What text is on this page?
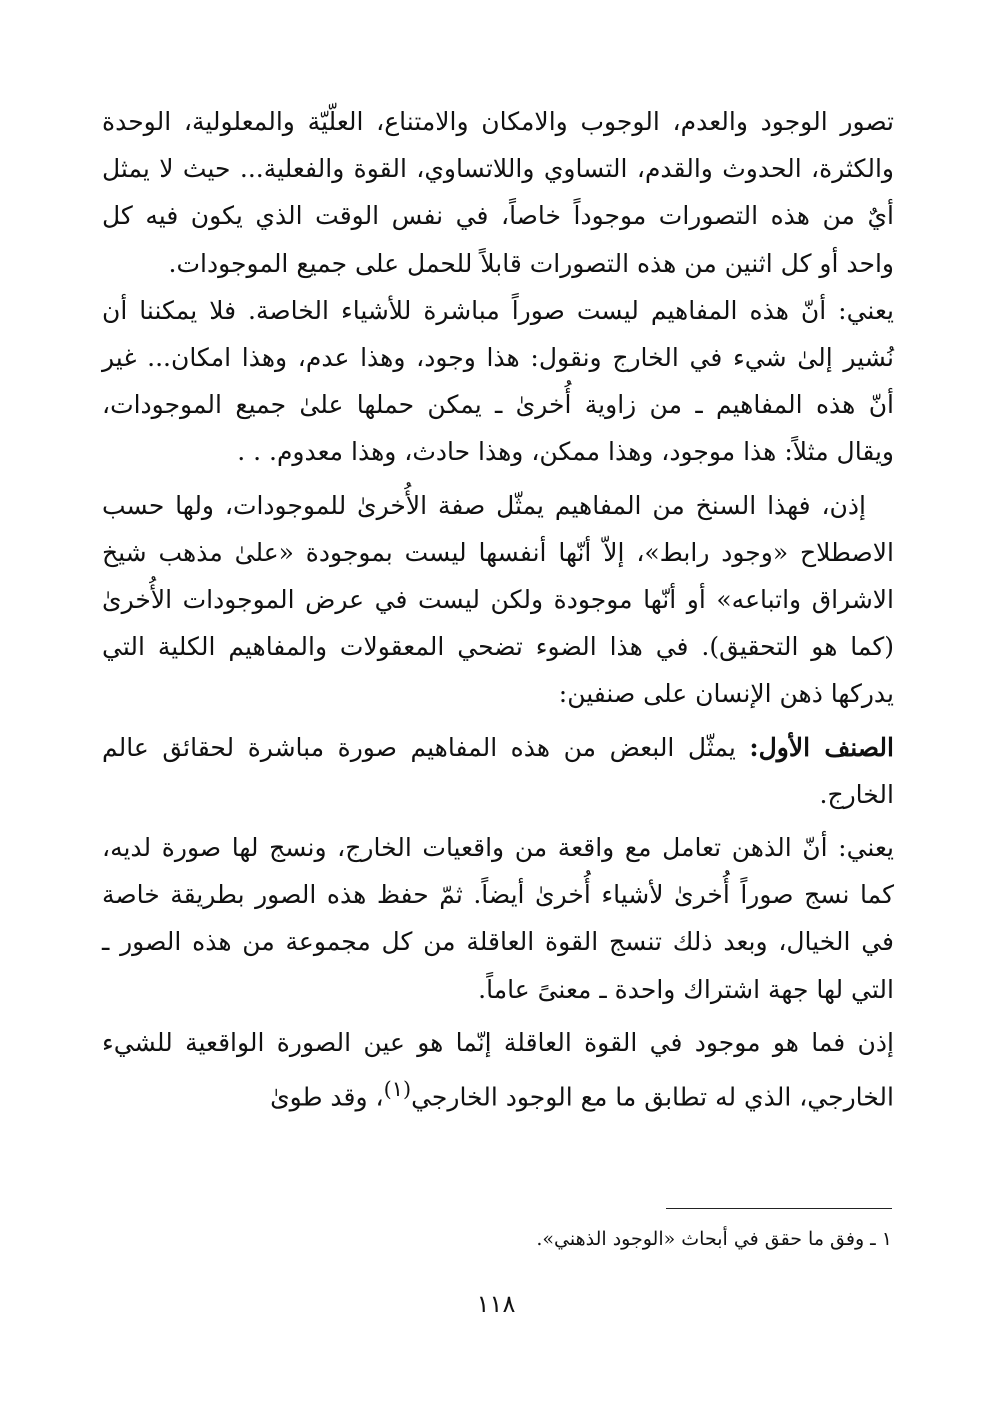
تصور الوجود والعدم، الوجوب والامكان والامتناع، العلّيّة والمعلولية، الوحدة والكثرة، الحدوث والقدم، التساوي واللاتساوي، القوة والفعلية... حيث لا يمثل أيٌ من هذه التصورات موجوداً خاصاً، في نفس الوقت الذي يكون فيه كل واحد أو كل اثنين من هذه التصورات قابلاً للحمل على جميع الموجودات.

يعني: أنّ هذه المفاهيم ليست صوراً مباشرة للأشياء الخاصة. فلا يمكننا أن نُشير إلىٰ شيء في الخارج ونقول: هذا وجود، وهذا عدم، وهذا امكان... غير أنّ هذه المفاهيم ـ من زاوية أُخرىٰ ـ يمكن حملها علىٰ جميع الموجودات، ويقال مثلاً: هذا موجود، وهذا ممكن، وهذا حادث، وهذا معدوم. . .

إذن، فهذا السنخ من المفاهيم يمثّل صفة الأُخرىٰ للموجودات، ولها حسب الاصطلاح «وجود رابط»، إلاّ أنّها أنفسها ليست بموجودة «علىٰ مذهب شيخ الاشراق واتباعه» أو أنّها موجودة ولكن ليست في عرض الموجودات الأُخرىٰ (كما هو التحقيق). في هذا الضوء تضحي المعقولات والمفاهيم الكلية التي يدركها ذهن الإنسان على صنفين:

الصنف الأول: يمثّل البعض من هذه المفاهيم صورة مباشرة لحقائق عالم الخارج.

يعني: أنّ الذهن تعامل مع واقعة من واقعيات الخارج، ونسج لها صورة لديه، كما نسج صوراً أُخرىٰ لأشياء أُخرىٰ أيضاً. ثمّ حفظ هذه الصور بطريقة خاصة في الخيال، وبعد ذلك تنسج القوة العاقلة من كل مجموعة من هذه الصور ـ التي لها جهة اشتراك واحدة ـ معنىً عاماً.

إذن فما هو موجود في القوة العاقلة إنّما هو عين الصورة الواقعية للشيء الخارجي، الذي له تطابق ما مع الوجود الخارجي$^{(١)}$، وقد طوىٰ

١ ـ وفق ما حقق في أبحاث «الوجود الذهني».
١١٨
